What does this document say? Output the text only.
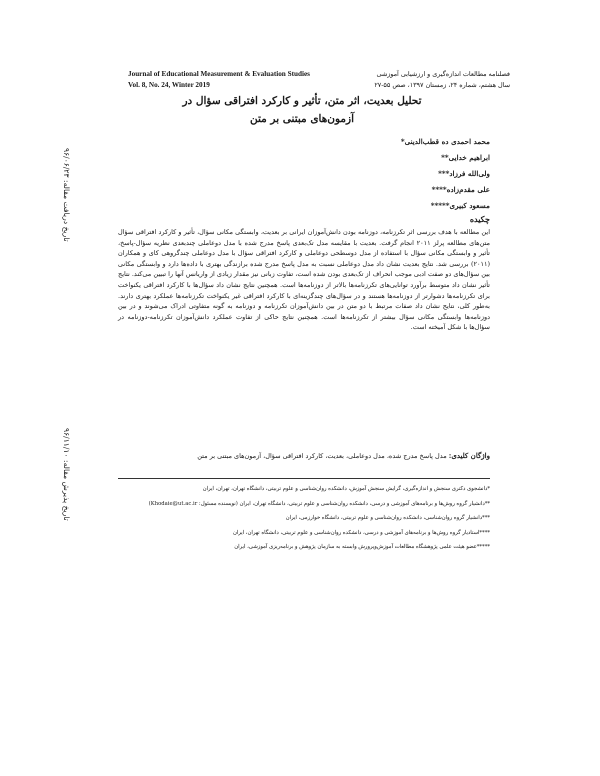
Journal of Educational Measurement & Evaluation Studies
Vol. 8, No. 24, Winter 2019
فصلنامه مطالعات اندازه‌گیری و ارزشیابی آموزشی
سال هشتم، شماره ۲۴، زمستان ۱۳۹۷، صص ۵۵-۲۷
تحلیل بعدیت، اثر متن، تأثیر و کارکرد افتراقی سؤال در
آزمون‌های مبتنی بر متن
محمد احمدی ده قطب‌الدینی*
ابراهیم خدایی**
ولی‌الله فرزاد***
علی مقدم‌زاده****
مسعود کبیری*****
تاریخ دریافت مقاله: ۹۶/۰۶/۲۳
تاریخ پذیرش مقاله: ۹۶/۱۱/۱۰
چکیده

این مطالعه با هدف بررسی اثر تکرزنامه، دوزنامه بودن دانش‌آموزان ایرانی بر بعدیت، وابستگی مکانی سؤال، تأثیر و کارکرد افتراقی سؤال متن‌های مطالعه پرلز ۲۰۱۱ انجام گرفت. بعدیت با مقایسه مدل تک‌بعدی پاسخ مدرج شده با مدل دوعاملی چندبعدی نظریه سؤال-پاسخ، تأثیر و وابستگی مکانی سؤال با استفاده از مدل دوسطحی دوعاملی و کارکرد افتراقی سؤال با مدل دوعاملی چندگروهی کای و همکاران (۲۰۱۱) بررسی شد. نتایج بعدیت نشان داد مدل دوعاملی نسبت به مدل پاسخ مدرج شده برازندگی بهتری با داده‌ها دارد و وابستگی مکانی بین سؤال‌های دو صفت ادبی موجب انحراف از تک‌بعدی بودن شده است، تفاوت زبانی نیز مقدار زیادی از واریانس آنها را تبیین می‌کند. نتایج تأثیر نشان داد متوسط برآورد توانایی‌های تکرزنامه‌ها بالاتر از دوزنامه‌ها است. همچنین نتایج نشان داد سؤال‌ها با کارکرد افتراقی یکنواخت برای تکرزنامه‌ها دشوارتر از دوزنامه‌ها هستند و در سؤال‌های چندگزینه‌ای با کارکرد افتراقی غیر یکنواخت تکرزنامه‌ها عملکرد بهتری دارند. به‌طور کلی، نتایج نشان داد صفات مرتبط با دو متن در بین دانش‌آموزان تکرزنامه و دوزنامه به گونه متفاوتی ادراک می‌شوند و در بین دوزنامه‌ها وابستگی مکانی سؤال بیشتر از تکرزنامه‌ها است. همچنین نتایج حاکی از تفاوت عملکرد دانش‌آموزان تکرزنامه-دوزنامه در سؤال‌ها با شکل آمیخته است.

واژگان کلیدی: مدل پاسخ مدرج شده، مدل دوعاملی، بعدیت، کارکرد افتراقی سؤال، آزمون‌های مبتنی بر متن

*دانشجوی دکتری سنجش و اندازه‌گیری، گرایش سنجش آموزش، دانشکده روان‌شناسی و علوم تربیتی، دانشگاه تهران، تهران، ایران
**دانشیار گروه روش‌ها و برنامه‌های آموزشی و درسی، دانشکده روان‌شناسی و علوم تربیتی، دانشگاه تهران، ایران (نویسنده مسئول: Khodaie@ut.ac.ir)
***دانشیار گروه روان‌شناسی، دانشکده روان‌شناسی و علوم تربیتی، دانشگاه خوارزمی، ایران
****استادیار گروه روش‌ها و برنامه‌های آموزشی و درسی، دانشکده روان‌شناسی و علوم تربیتی، دانشگاه تهران، ایران
*****عضو هیئت علمی پژوهشگاه مطالعات آموزش‌وپرورش وابسته به سازمان پژوهش و برنامه‌ریزی آموزشی، ایران
